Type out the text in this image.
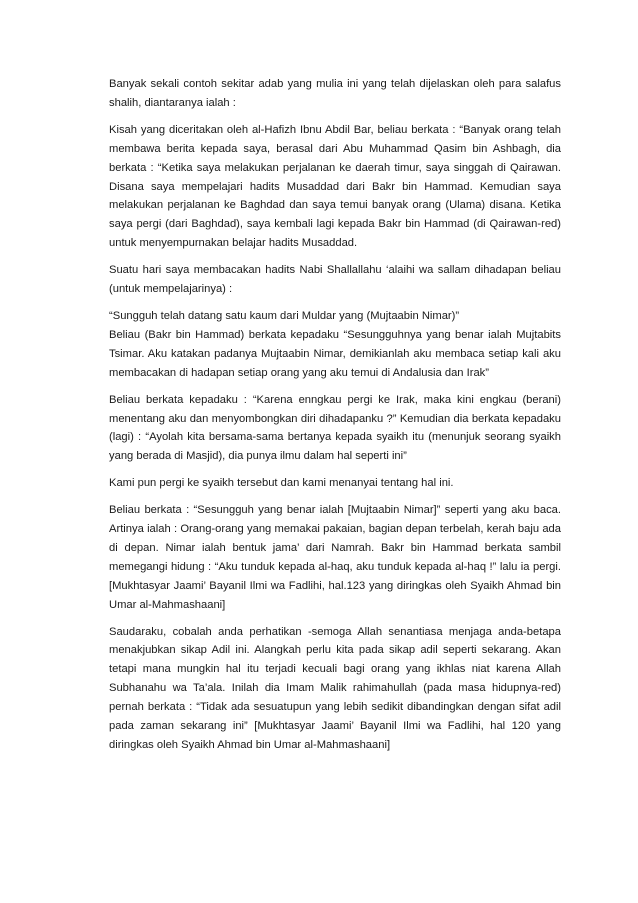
Banyak sekali contoh sekitar adab yang mulia ini yang telah dijelaskan oleh para salafus shalih, diantaranya ialah :

Kisah yang diceritakan oleh al-Hafizh Ibnu Abdil Bar, beliau berkata : “Banyak orang telah membawa berita kepada saya, berasal dari Abu Muhammad Qasim bin Ashbagh, dia berkata : “Ketika saya melakukan perjalanan ke daerah timur, saya singgah di Qairawan. Disana saya mempelajari hadits Musaddad dari Bakr bin Hammad. Kemudian saya melakukan perjalanan ke Baghdad dan saya temui banyak orang (Ulama) disana. Ketika saya pergi (dari Baghdad), saya kembali lagi kepada Bakr bin Hammad (di Qairawan-red) untuk menyempurnakan belajar hadits Musaddad.

Suatu hari saya membacakan hadits Nabi Shallallahu ‘alaihi wa sallam dihadapan beliau (untuk mempelajarinya) :

“Sungguh telah datang satu kaum dari Muldar yang (Mujtaabin Nimar)”
Beliau (Bakr bin Hammad) berkata kepadaku “Sesungguhnya yang benar ialah Mujtabits Tsimar. Aku katakan padanya Mujtaabin Nimar, demikianlah aku membaca setiap kali aku membacakan di hadapan setiap orang yang aku temui di Andalusia dan Irak”

Beliau berkata kepadaku : “Karena enngkau pergi ke Irak, maka kini engkau (berani) menentang aku dan menyombongkan diri dihadapanku ?” Kemudian dia berkata kepadaku (lagi) : “Ayolah kita bersama-sama bertanya kepada syaikh itu (menunjuk seorang syaikh yang berada di Masjid), dia punya ilmu dalam hal seperti ini”

Kami pun pergi ke syaikh tersebut dan kami menanyai tentang hal ini.

Beliau berkata : “Sesungguh yang benar ialah [Mujtaabin Nimar]” seperti yang aku baca. Artinya ialah : Orang-orang yang memakai pakaian, bagian depan terbelah, kerah baju ada di depan. Nimar ialah bentuk jama’ dari Namrah. Bakr bin Hammad berkata sambil memegangi hidung : “Aku tunduk kepada al-haq, aku tunduk kepada al-haq !” lalu ia pergi. [Mukhtasyar Jaami’ Bayanil Ilmi wa Fadlihi, hal.123 yang diringkas oleh Syaikh Ahmad bin Umar al-Mahmashaani]

Saudaraku, cobalah anda perhatikan -semoga Allah senantiasa menjaga anda-betapa menakjubkan sikap Adil ini. Alangkah perlu kita pada sikap adil seperti sekarang. Akan tetapi mana mungkin hal itu terjadi kecuali bagi orang yang ikhlas niat karena Allah Subhanahu wa Ta’ala. Inilah dia Imam Malik rahimahullah (pada masa hidupnya-red) pernah berkata : “Tidak ada sesuatupun yang lebih sedikit dibandingkan dengan sifat adil pada zaman sekarang ini” [Mukhtasyar Jaami’ Bayanil Ilmi wa Fadlihi, hal 120 yang diringkas oleh Syaikh Ahmad bin Umar al-Mahmashaani]
